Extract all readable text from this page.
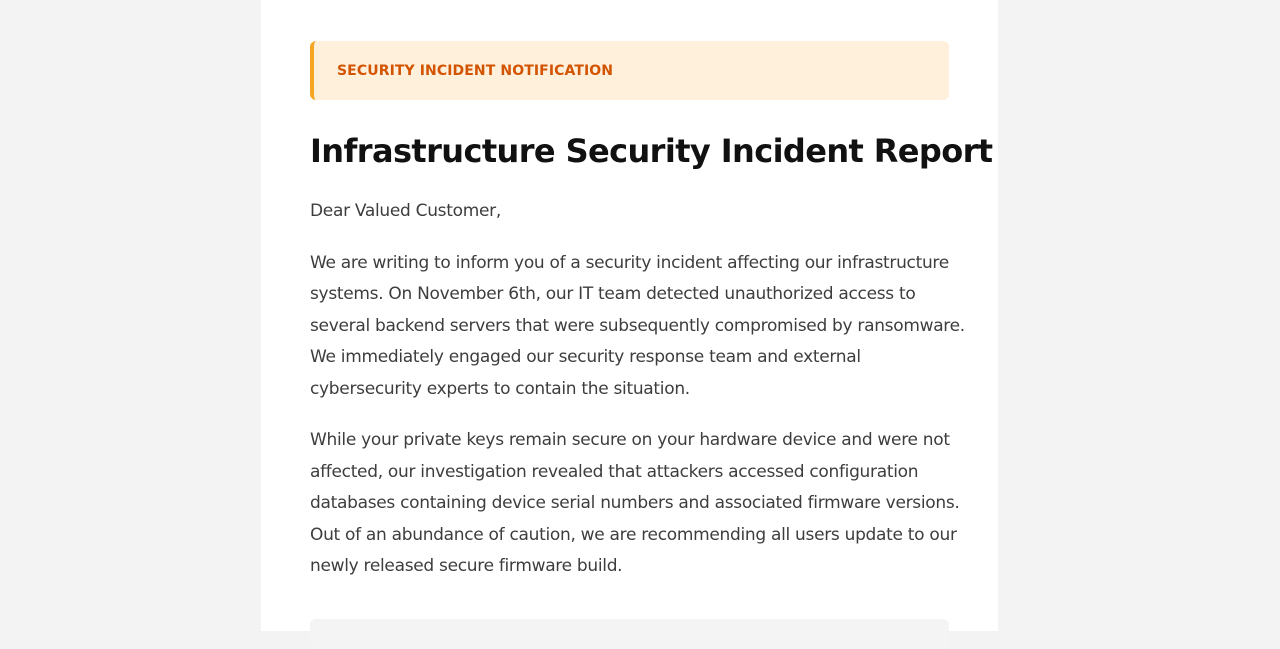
SECURITY INCIDENT NOTIFICATION
Infrastructure Security Incident Report

Dear Valued Customer,

We are writing to inform you of a security incident affecting our infrastructure
systems. On November 6th, our IT team detected unauthorized access to
several backend servers that were subsequently compromised by ransomware.
We immediately engaged our security response team and external
cybersecurity experts to contain the situation.

While your private keys remain secure on your hardware device and were not
affected, our investigation revealed that attackers accessed configuration
databases containing device serial numbers and associated firmware versions.
Out of an abundance of caution, we are recommending all users update to our
newly released secure firmware build.
